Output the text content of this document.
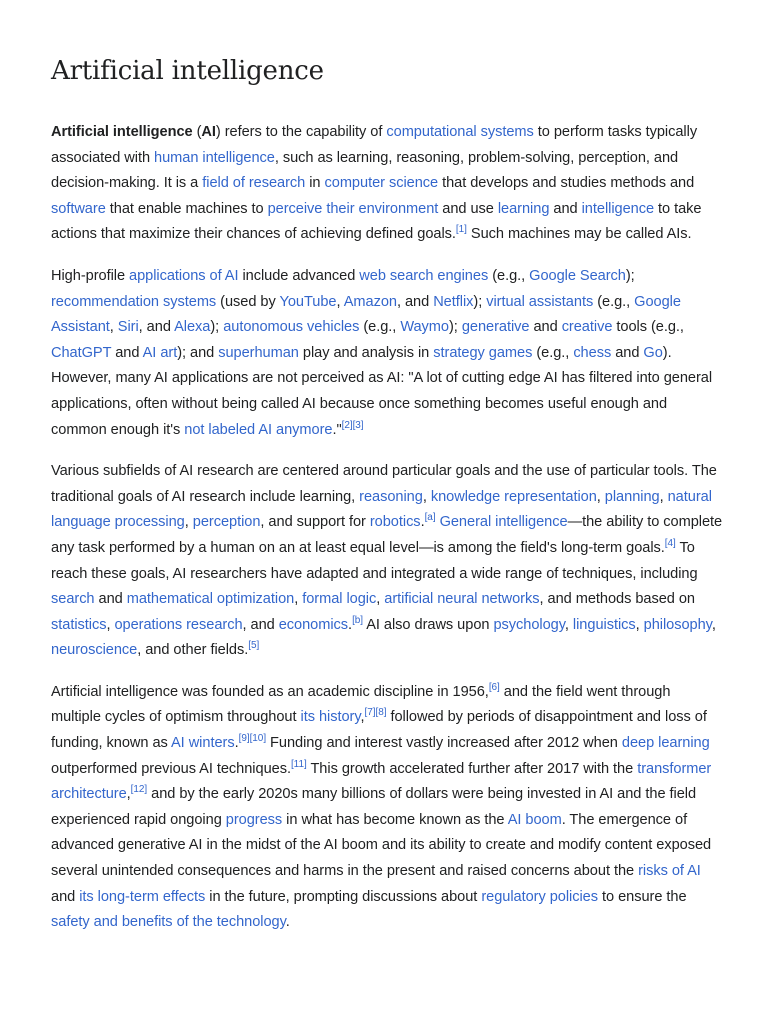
Artificial intelligence

Artificial intelligence (AI) refers to the capability of computational systems to perform tasks typically associated with human intelligence, such as learning, reasoning, problem-solving, perception, and decision-making. It is a field of research in computer science that develops and studies methods and software that enable machines to perceive their environment and use learning and intelligence to take actions that maximize their chances of achieving defined goals.[1] Such machines may be called AIs.

High-profile applications of AI include advanced web search engines (e.g., Google Search); recommendation systems (used by YouTube, Amazon, and Netflix); virtual assistants (e.g., Google Assistant, Siri, and Alexa); autonomous vehicles (e.g., Waymo); generative and creative tools (e.g., ChatGPT and AI art); and superhuman play and analysis in strategy games (e.g., chess and Go). However, many AI applications are not perceived as AI: "A lot of cutting edge AI has filtered into general applications, often without being called AI because once something becomes useful enough and common enough it's not labeled AI anymore."[2][3]

Various subfields of AI research are centered around particular goals and the use of particular tools. The traditional goals of AI research include learning, reasoning, knowledge representation, planning, natural language processing, perception, and support for robotics.[a] General intelligence—the ability to complete any task performed by a human on an at least equal level—is among the field's long-term goals.[4] To reach these goals, AI researchers have adapted and integrated a wide range of techniques, including search and mathematical optimization, formal logic, artificial neural networks, and methods based on statistics, operations research, and economics.[b] AI also draws upon psychology, linguistics, philosophy, neuroscience, and other fields.[5]

Artificial intelligence was founded as an academic discipline in 1956,[6] and the field went through multiple cycles of optimism throughout its history,[7][8] followed by periods of disappointment and loss of funding, known as AI winters.[9][10] Funding and interest vastly increased after 2012 when deep learning outperformed previous AI techniques.[11] This growth accelerated further after 2017 with the transformer architecture,[12] and by the early 2020s many billions of dollars were being invested in AI and the field experienced rapid ongoing progress in what has become known as the AI boom. The emergence of advanced generative AI in the midst of the AI boom and its ability to create and modify content exposed several unintended consequences and harms in the present and raised concerns about the risks of AI and its long-term effects in the future, prompting discussions about regulatory policies to ensure the safety and benefits of the technology.
